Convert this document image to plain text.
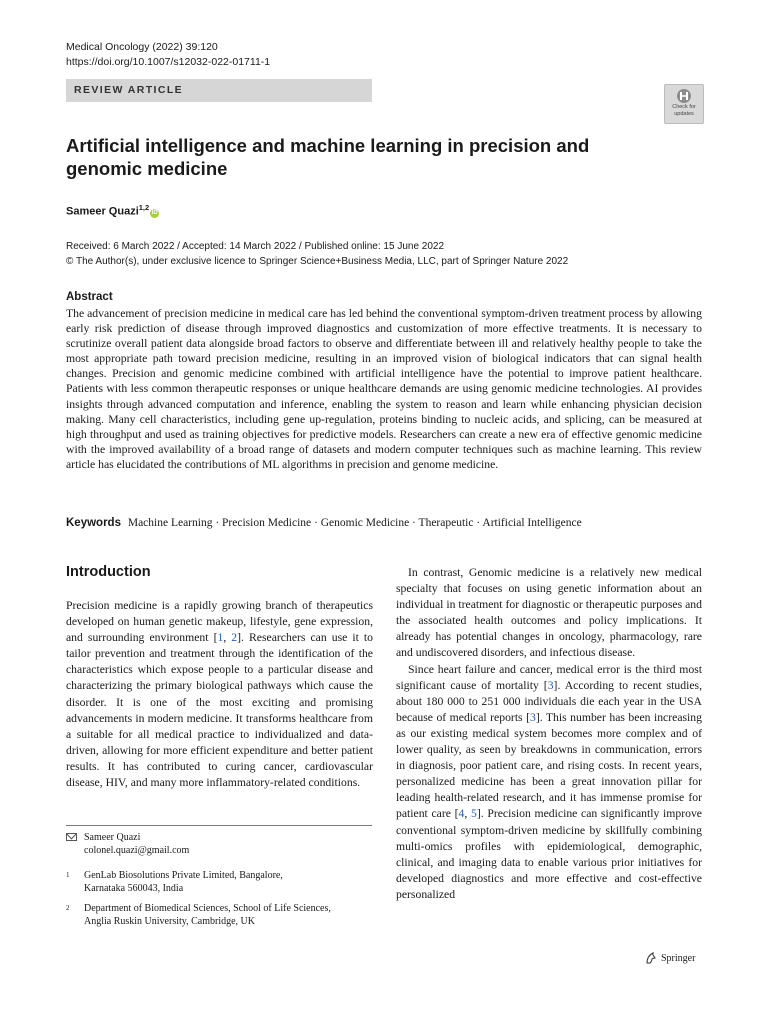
Medical Oncology (2022) 39:120
https://doi.org/10.1007/s12032-022-01711-1
REVIEW ARTICLE
Check for updates
Artificial intelligence and machine learning in precision and genomic medicine
Sameer Quazi$^{1,2}$iD
Received: 6 March 2022 / Accepted: 14 March 2022 / Published online: 15 June 2022
© The Author(s), under exclusive licence to Springer Science+Business Media, LLC, part of Springer Nature 2022
Abstract
The advancement of precision medicine in medical care has led behind the conventional symptom-driven treatment process by allowing early risk prediction of disease through improved diagnostics and customization of more effective treatments. It is necessary to scrutinize overall patient data alongside broad factors to observe and differentiate between ill and relatively healthy people to take the most appropriate path toward precision medicine, resulting in an improved vision of biological indicators that can signal health changes. Precision and genomic medicine combined with artificial intelligence have the potential to improve patient healthcare. Patients with less common therapeutic responses or unique healthcare demands are using genomic medicine technologies. AI provides insights through advanced computation and inference, enabling the system to reason and learn while enhancing physician decision making. Many cell characteristics, including gene up-regulation, proteins binding to nucleic acids, and splicing, can be measured at high throughput and used as training objectives for predictive models. Researchers can create a new era of effective genomic medicine with the improved availability of a broad range of datasets and modern computer techniques such as machine learning. This review article has elucidated the contributions of ML algorithms in precision and genome medicine.
Keywords Machine Learning · Precision Medicine · Genomic Medicine · Therapeutic · Artificial Intelligence
Introduction

Precision medicine is a rapidly growing branch of therapeutics developed on human genetic makeup, lifestyle, gene expression, and surrounding environment [1, 2]. Researchers can use it to tailor prevention and treatment through the identification of the characteristics which expose people to a particular disease and characterizing the primary biological pathways which cause the disorder. It is one of the most exciting and promising advancements in modern medicine. It transforms healthcare from a suitable for all medical practice to individualized and data-driven, allowing for more efficient expenditure and better patient results. It has contributed to curing cancer, cardiovascular disease, HIV, and many more inflammatory-related conditions.

Sameer Quazi
colonel.quazi@gmail.com
1 GenLab Biosolutions Private Limited, Bangalore,
Karnataka 560043, India
2 Department of Biomedical Sciences, School of Life Sciences,
Anglia Ruskin University, Cambridge, UK

In contrast, Genomic medicine is a relatively new medical specialty that focuses on using genetic information about an individual in treatment for diagnostic or therapeutic purposes and the associated health outcomes and policy implications. It already has potential changes in oncology, pharmacology, rare and undiscovered disorders, and infectious disease.

Since heart failure and cancer, medical error is the third most significant cause of mortality [3]. According to recent studies, about 180 000 to 251 000 individuals die each year in the USA because of medical reports [3]. This number has been increasing as our existing medical system becomes more complex and of lower quality, as seen by breakdowns in communication, errors in diagnosis, poor patient care, and rising costs. In recent years, personalized medicine has been a great innovation pillar for leading health-related research, and it has immense promise for patient care [4, 5]. Precision medicine can significantly improve conventional symptom-driven medicine by skillfully combining multi-omics profiles with epidemiological, demographic, clinical, and imaging data to enable various prior initiatives for developed diagnostics and more effective and cost-effective personalized

Springer
